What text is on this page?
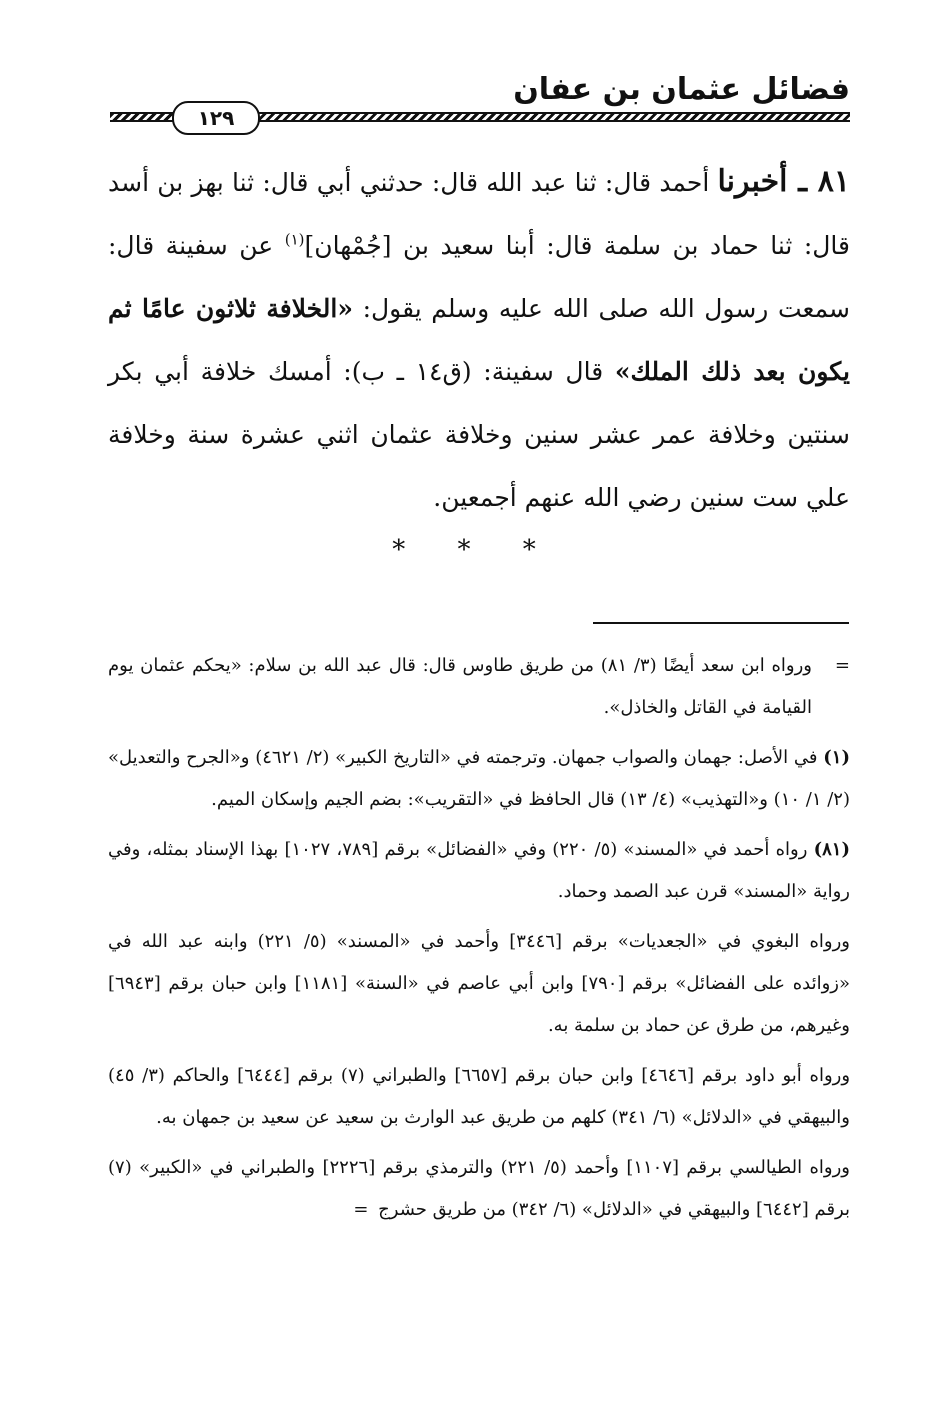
فضائل عثمان بن عفان
١٢٩
٨١ ـ أخبرنا أحمد قال: ثنا عبد الله قال: حدثني أبي قال: ثنا بهز بن أسد قال: ثنا حماد بن سلمة قال: أبنا سعيد بن [جُمْهان]$^{(١)}$ عن سفينة قال: سمعت رسول الله صلى الله عليه وسلم يقول: «الخلافة ثلاثون عامًا ثم يكون بعد ذلك الملك» قال سفينة: (ق١٤ ـ ب): أمسك خلافة أبي بكر سنتين وخلافة عمر عشر سنين وخلافة عثمان اثني عشرة سنة وخلافة علي ست سنين رضي الله عنهم أجمعين.
* * *
=
ورواه ابن سعد أيضًا (٣/ ٨١) من طريق طاوس قال: قال عبد الله بن سلام: «يحكم عثمان يوم القيامة في القاتل والخاذل».
(١) في الأصل: جهمان والصواب جمهان. وترجمته في «التاريخ الكبير» (٢/ ٤٦٢١) و«الجرح والتعديل» (٢/ ١/ ١٠) و«التهذيب» (٤/ ١٣) قال الحافظ في «التقريب»: بضم الجيم وإسكان الميم.
(٨١) رواه أحمد في «المسند» (٥/ ٢٢٠) وفي «الفضائل» برقم [٧٨٩، ١٠٢٧] بهذا الإسناد بمثله، وفي رواية «المسند» قرن عبد الصمد وحماد.
ورواه البغوي في «الجعديات» برقم [٣٤٤٦] وأحمد في «المسند» (٥/ ٢٢١) وابنه عبد الله في «زوائده على الفضائل» برقم [٧٩٠] وابن أبي عاصم في «السنة» [١١٨١] وابن حبان برقم [٦٩٤٣] وغيرهم، من طرق عن حماد بن سلمة به.
ورواه أبو داود برقم [٤٦٤٦] وابن حبان برقم [٦٦٥٧] والطبراني (٧) برقم [٦٤٤٤] والحاكم (٣/ ٤٥) والبيهقي في «الدلائل» (٦/ ٣٤١) كلهم من طريق عبد الوارث بن سعيد عن سعيد بن جمهان به.
ورواه الطيالسي برقم [١١٠٧] وأحمد (٥/ ٢٢١) والترمذي برقم [٢٢٢٦] والطبراني في «الكبير» (٧) برقم [٦٤٤٢] والبيهقي في «الدلائل» (٦/ ٣٤٢) من طريق حشرج =
